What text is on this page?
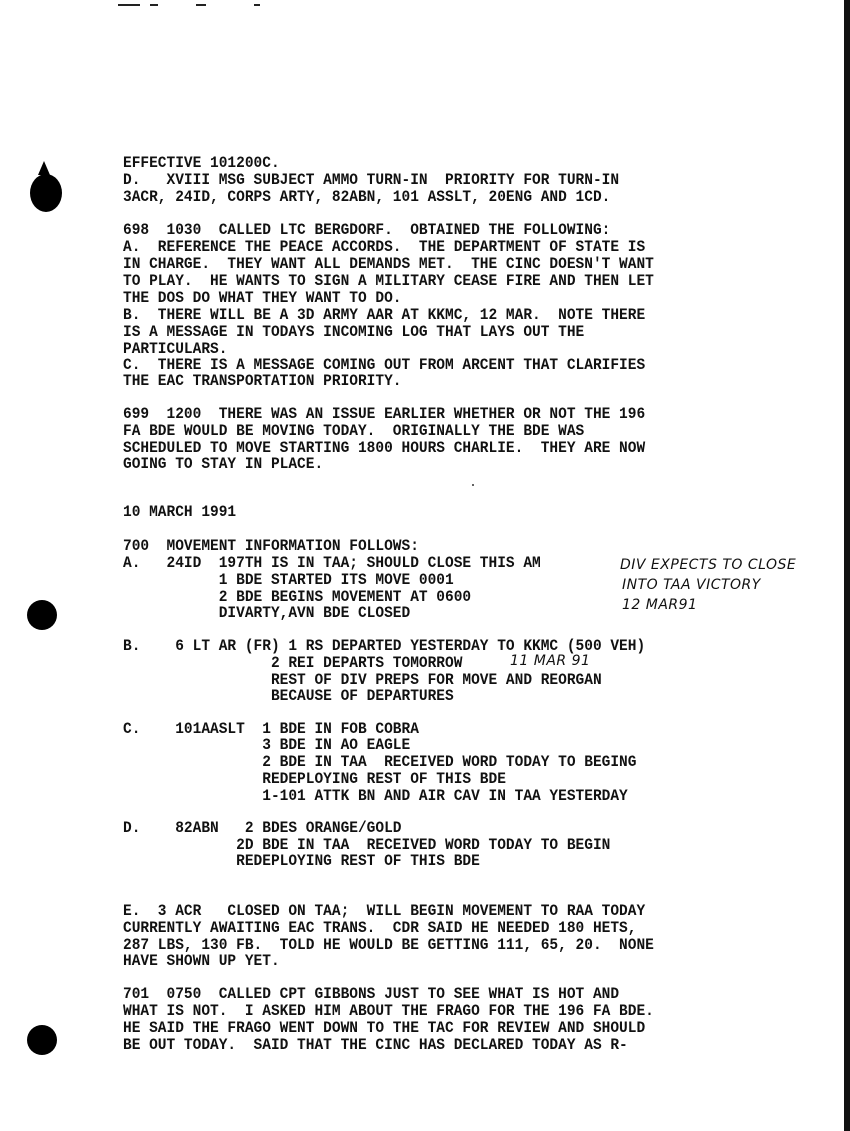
EFFECTIVE 101200C.

D.   XVIII MSG SUBJECT AMMO TURN-IN  PRIORITY FOR TURN-IN

3ACR, 24ID, CORPS ARTY, 82ABN, 101 ASSLT, 20ENG AND 1CD.

698  1030  CALLED LTC BERGDORF.  OBTAINED THE FOLLOWING:

A.  REFERENCE THE PEACE ACCORDS.  THE DEPARTMENT OF STATE IS

IN CHARGE.  THEY WANT ALL DEMANDS MET.  THE CINC DOESN'T WANT

TO PLAY.  HE WANTS TO SIGN A MILITARY CEASE FIRE AND THEN LET

THE DOS DO WHAT THEY WANT TO DO.

B.  THERE WILL BE A 3D ARMY AAR AT KKMC, 12 MAR.  NOTE THERE

IS A MESSAGE IN TODAYS INCOMING LOG THAT LAYS OUT THE

PARTICULARS.

C.  THERE IS A MESSAGE COMING OUT FROM ARCENT THAT CLARIFIES

THE EAC TRANSPORTATION PRIORITY.

699  1200  THERE WAS AN ISSUE EARLIER WHETHER OR NOT THE 196

FA BDE WOULD BE MOVING TODAY.  ORIGINALLY THE BDE WAS

SCHEDULED TO MOVE STARTING 1800 HOURS CHARLIE.  THEY ARE NOW

GOING TO STAY IN PLACE.

10 MARCH 1991

700  MOVEMENT INFORMATION FOLLOWS:

A.   24ID  197TH IS IN TAA; SHOULD CLOSE THIS AM

1 BDE STARTED ITS MOVE 0001

2 BDE BEGINS MOVEMENT AT 0600

DIVARTY,AVN BDE CLOSED

DIV EXPECTS TO CLOSE

INTO TAA VICTORY

12 MAR91

B.    6 LT AR (FR) 1 RS DEPARTED YESTERDAY TO KKMC (500 VEH)

2 REI DEPARTS TOMORROW	11 MAR 91

REST OF DIV PREPS FOR MOVE AND REORGAN

BECAUSE OF DEPARTURES

C.    101AASLT  1 BDE IN FOB COBRA

3 BDE IN AO EAGLE

2 BDE IN TAA  RECEIVED WORD TODAY TO BEGING

REDEPLOYING REST OF THIS BDE

1-101 ATTK BN AND AIR CAV IN TAA YESTERDAY

D.    82ABN   2 BDES ORANGE/GOLD

2D BDE IN TAA  RECEIVED WORD TODAY TO BEGIN

REDEPLOYING REST OF THIS BDE

E.  3 ACR   CLOSED ON TAA;  WILL BEGIN MOVEMENT TO RAA TODAY

CURRENTLY AWAITING EAC TRANS.  CDR SAID HE NEEDED 180 HETS,

287 LBS, 130 FB.  TOLD HE WOULD BE GETTING 111, 65, 20.  NONE

HAVE SHOWN UP YET.

701  0750  CALLED CPT GIBBONS JUST TO SEE WHAT IS HOT AND

WHAT IS NOT.  I ASKED HIM ABOUT THE FRAGO FOR THE 196 FA BDE.

HE SAID THE FRAGO WENT DOWN TO THE TAC FOR REVIEW AND SHOULD

BE OUT TODAY.  SAID THAT THE CINC HAS DECLARED TODAY AS R-
